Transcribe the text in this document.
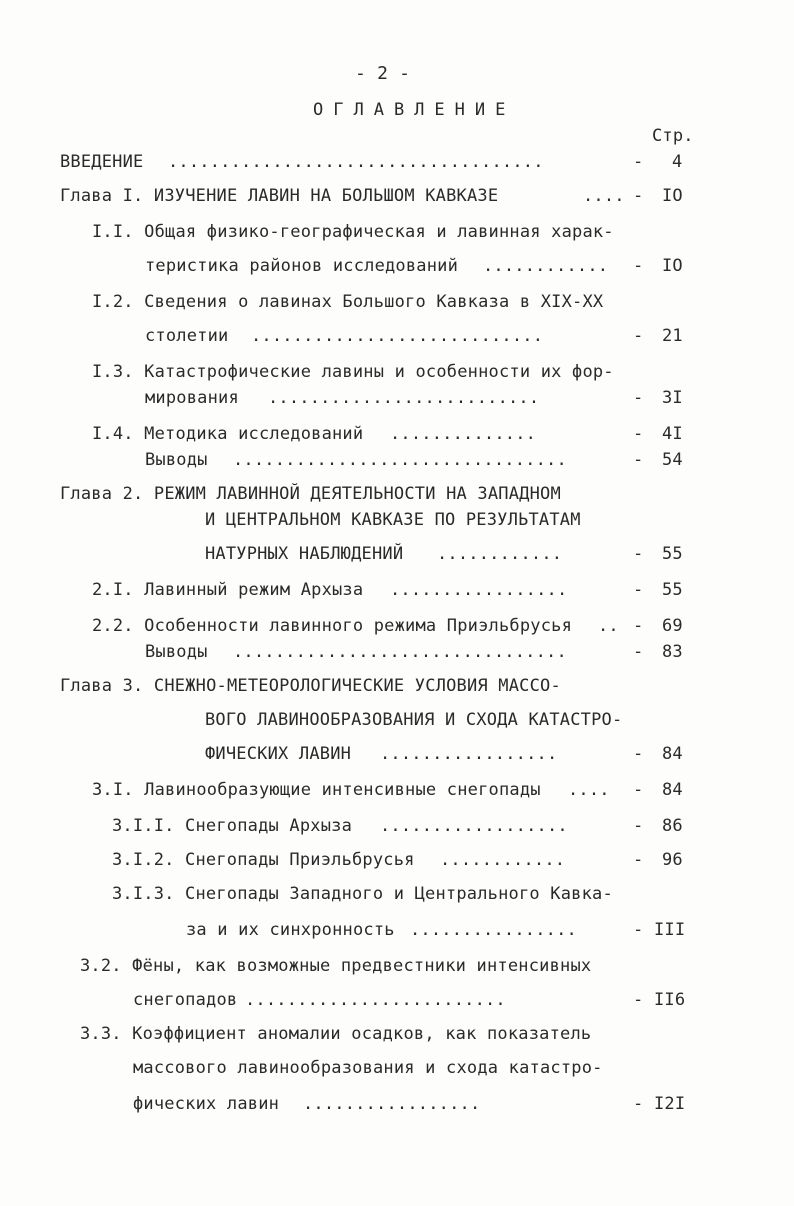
- 2 -
ОГЛАВЛЕНИЕ
Стр.
ВВЕДЕНИЕ ....................................	- 4
Глава I. ИЗУЧЕНИЕ ЛАВИН НА БОЛЬШОМ КАВКАЗЕ	.... - IO
I.I. Общая физико-географическая и лавинная харак-
теристика районов исследований ............ - IO
I.2. Сведения о лавинах Большого Кавказа в XIX-XX
столетии ............................	- 21
I.3. Катастрофические лавины и особенности их фор-
мирования ..........................	- 3I
I.4. Методика исследований ..............	- 4I
Выводы ................................	- 54
Глава 2. РЕЖИМ ЛАВИННОЙ ДЕЯТЕЛЬНОСТИ НА ЗАПАДНОМ
И ЦЕНТРАЛЬНОМ КАВКАЗЕ ПО РЕЗУЛЬТАТАМ
НАТУРНЫХ НАБЛЮДЕНИЙ ............	- 55
2.I. Лавинный режим Архыза .................	- 55
2.2. Особенности лавинного режима Приэльбрусья .. - 69
Выводы ................................	- 83
Глава 3. СНЕЖНО-МЕТЕОРОЛОГИЧЕСКИЕ УСЛОВИЯ МАССО-
ВОГО ЛАВИНООБРАЗОВАНИЯ И СХОДА КАТАСТРО-
ФИЧЕСКИХ ЛАВИН .................	- 84
3.I. Лавинообразующие интенсивные снегопады .... - 84
3.I.I. Снегопады Архыза ..................	- 86
3.I.2. Снегопады Приэльбрусья ............	- 96
3.I.3. Снегопады Западного и Центрального Кавка-
за и их синхронность ................	- III
3.2. Фёны, как возможные предвестники интенсивных
снегопадов .........................	- II6
3.3. Коэффициент аномалии осадков, как показатель
массового лавинообразования и схода катастро-
фических лавин .................	- I2I
